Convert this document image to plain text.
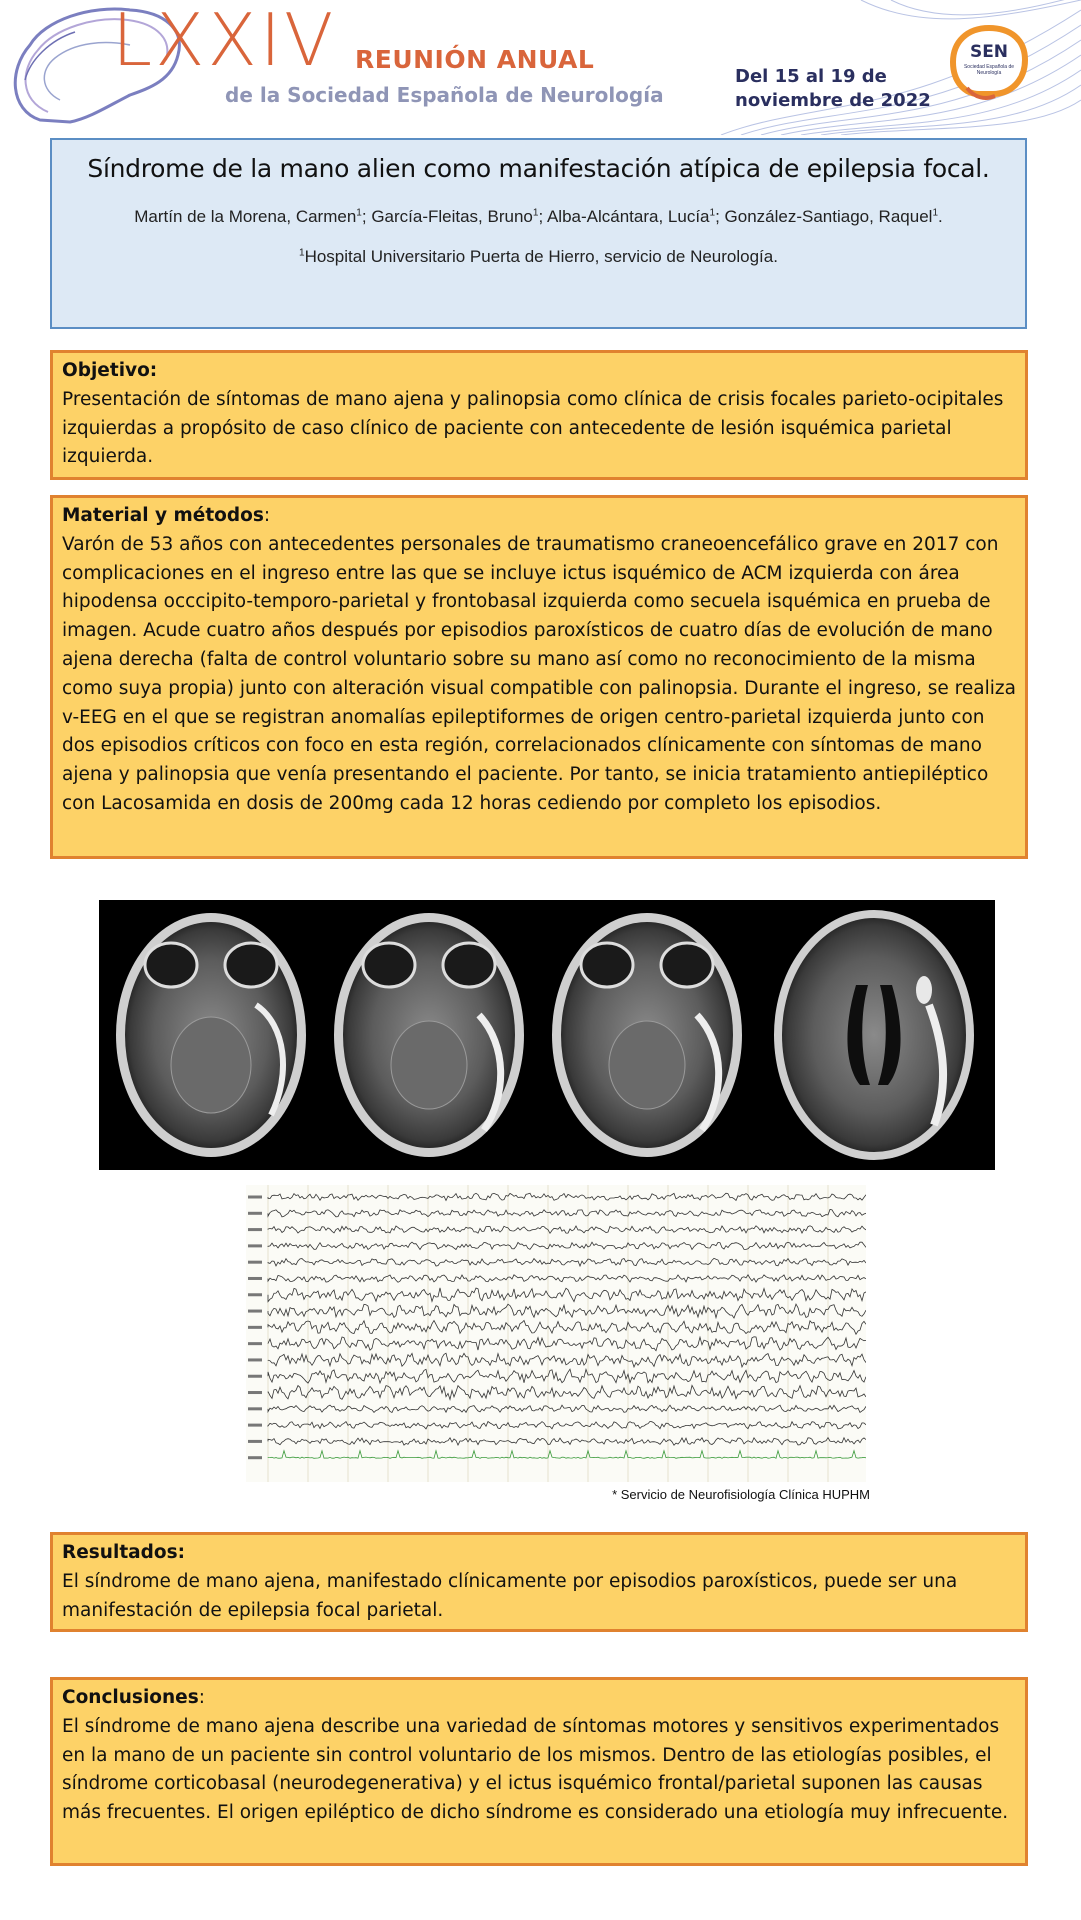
LXXIV REUNIÓN ANUAL
de la Sociedad Española de Neurología
Del 15 al 19 de
noviembre de 2022
SEN
Sociedad Española de Neurología
Síndrome de la mano alien como manifestación atípica de epilepsia focal.
Martín de la Morena, Carmen$^1$; García-Fleitas, Bruno$^1$; Alba-Alcántara, Lucía$^1$; González-Santiago, Raquel$^1$.
$^1$Hospital Universitario Puerta de Hierro, servicio de Neurología.
Objetivo:

Presentación de síntomas de mano ajena y palinopsia como clínica de crisis focales parieto-ocipitales izquierdas a propósito de caso clínico de paciente con antecedente de lesión isquémica parietal izquierda.

Material y métodos:

Varón de 53 años con antecedentes personales de traumatismo craneoencefálico grave en 2017 con complicaciones en el ingreso entre las que se incluye ictus isquémico de ACM izquierda con área hipodensa occcipito-temporo-parietal y frontobasal izquierda como secuela isquémica en prueba de imagen. Acude cuatro años después por episodios paroxísticos de cuatro días de evolución de mano ajena derecha (falta de control voluntario sobre su mano así como no reconocimiento de la misma como suya propia) junto con alteración visual compatible con palinopsia. Durante el ingreso, se realiza v-EEG en el que se registran anomalías epileptiformes de origen centro-parietal izquierda junto con dos episodios críticos con foco en esta región, correlacionados clínicamente con síntomas de mano ajena y palinopsia que venía presentando el paciente. Por tanto, se inicia tratamiento antiepiléptico con Lacosamida en dosis de 200mg cada 12 horas cediendo por completo los episodios.

* Servicio de Neurofisiología Clínica HUPHM
Resultados:

El síndrome de mano ajena, manifestado clínicamente por episodios paroxísticos, puede ser una manifestación de epilepsia focal parietal.

Conclusiones:

El síndrome de mano ajena describe una variedad de síntomas motores y sensitivos experimentados en la mano de un paciente sin control voluntario de los mismos. Dentro de las etiologías posibles, el síndrome corticobasal (neurodegenerativa) y el ictus isquémico frontal/parietal suponen las causas más frecuentes. El origen epiléptico de dicho síndrome es considerado una etiología muy infrecuente.
